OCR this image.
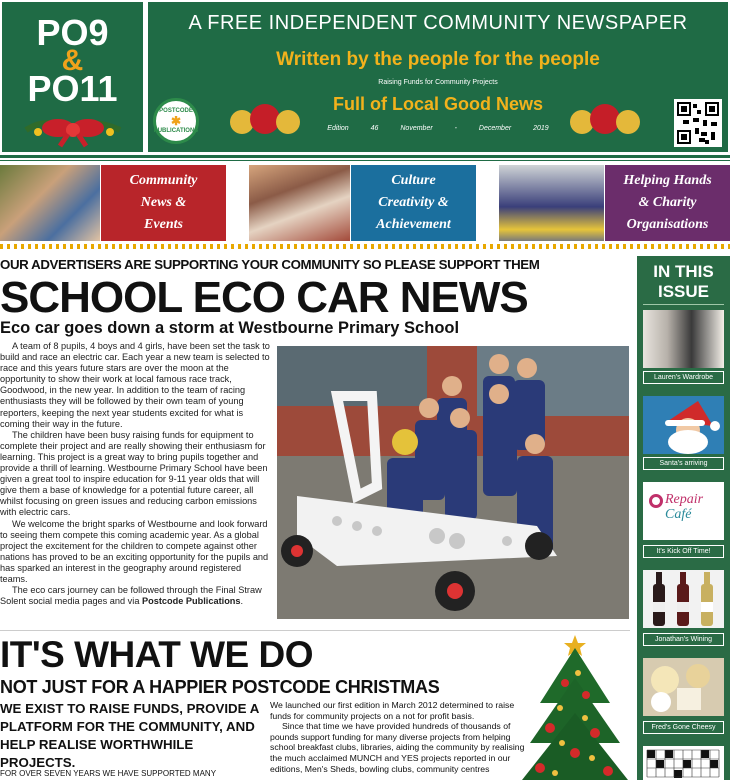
PO9
&
PO11
A FREE INDEPENDENT COMMUNITY NEWSPAPER
Written by the people for the people
Raising Funds for Community Projects
Full of Local Good News
Edition 46	November - December 2019
POSTCODE
✱
PUBLICATIONS
Community
News &
Events
Culture
Creativity &
Achievement
Helping Hands
& Charity
Organisations
OUR ADVERTISERS ARE SUPPORTING YOUR COMMUNITY SO PLEASE SUPPORT THEM
SCHOOL ECO CAR NEWS
Eco car goes down a storm at Westbourne Primary School

A team of 8 pupils, 4 boys and 4 girls, have been set the task to build and race an electric car. Each year a new team is selected to race and this years future stars are over the moon at the opportunity to show their work at local famous race track, Goodwood, in the new year. In addition to the team of racing enthusiasts they will be followed by their own team of young reporters, keeping the next year students excited for what is coming their way in the future.

The children have been busy raising funds for equipment to complete their project and are really showing their enthusiasm for learning. This project is a great way to bring pupils together and provide a thrill of learning. Westbourne Primary School have been given a great tool to inspire education for 9-11 year olds that will give them a base of knowledge for a potential future career, all whilst focusing on green issues and reducing carbon emissions with electric cars.

We welcome the bright sparks of Westbourne and look forward to seeing them compete this coming academic year. As a global project the excitement for the children to compete against other nations has proved to be an exciting opportunity for the pupils and has sparked an interest in the geography around registered teams.

The eco cars journey can be followed through the Final Straw Solent social media pages and via Postcode Publications.

IT'S WHAT WE DO
NOT JUST FOR A HAPPIER POSTCODE CHRISTMAS
WE EXIST TO RAISE FUNDS, PROVIDE A PLATFORM FOR THE COMMUNITY, AND HELP REALISE WORTHWHILE PROJECTS.
FOR OVER SEVEN YEARS WE HAVE SUPPORTED MANY

We launched our first edition in March 2012 determined to raise funds for community projects on a not for profit basis.

Since that time we have provided hundreds of thousands of pounds support funding for many diverse projects from helping school breakfast clubs, libraries, aiding the community by realising the much acclaimed MUNCH and YES projects reported in our editions, Men's Sheds, bowling clubs, community centres

IN THIS
ISSUE
Lauren's Wardrobe
Santa's arriving
Repair
Café
It's Kick Off Time!
Jonathan's Wining
Fred's Gone Cheesy
